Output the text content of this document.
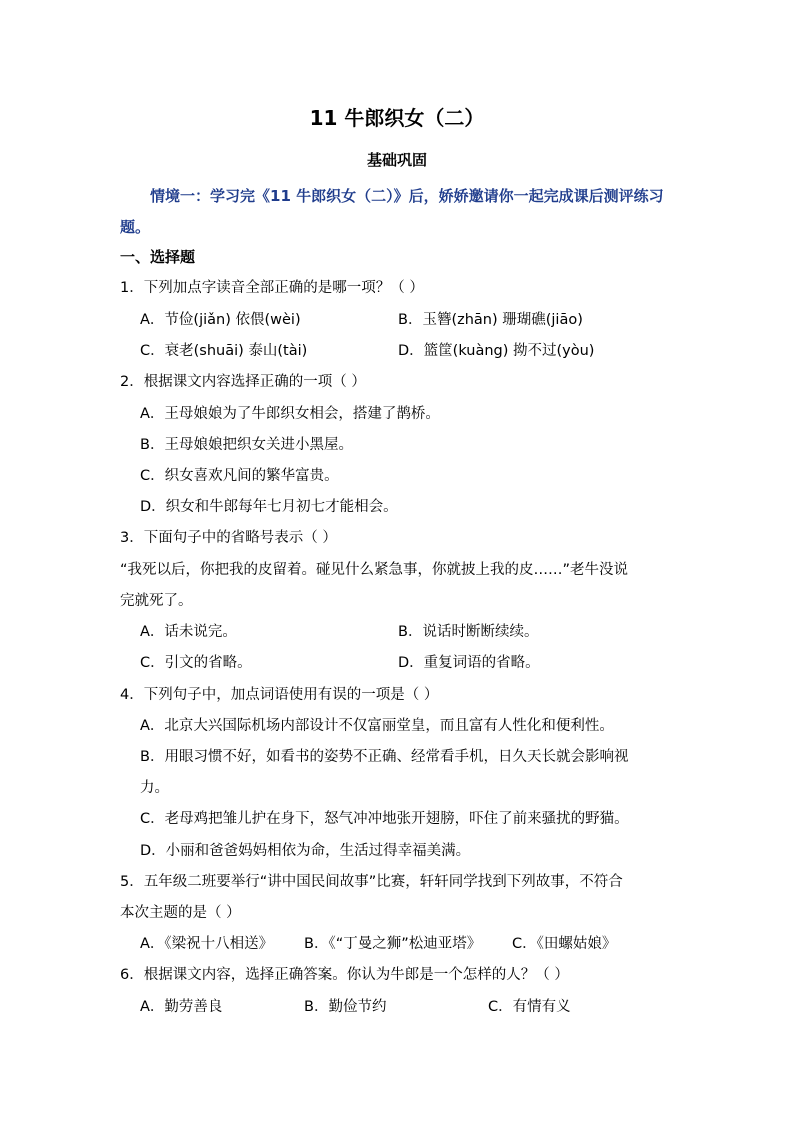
11 牛郎织女（二）
基础巩固
情境一：学习完《11 牛郎织女（二）》后，娇娇邀请你一起完成课后测评练习题。
一、选择题
1．下列加点字读音全部正确的是哪一项？（ ）
A．节俭(jiǎn) 依偎(wèi)	B．玉簪(zhān) 珊瑚礁(jiāo)
C．衰老(shuāi) 泰山(tài)	D．篮筐(kuàng) 拗不过(yòu)
2．根据课文内容选择正确的一项（ ）
A．王母娘娘为了牛郎织女相会，搭建了鹊桥。
B．王母娘娘把织女关进小黑屋。
C．织女喜欢凡间的繁华富贵。
D．织女和牛郎每年七月初七才能相会。
3．下面句子中的省略号表示（ ）
“我死以后，你把我的皮留着。碰见什么紧急事，你就披上我的皮……”老牛没说
完就死了。
A．话未说完。	B．说话时断断续续。
C．引文的省略。	D．重复词语的省略。
4．下列句子中，加点词语使用有误的一项是（ ）
A．北京大兴国际机场内部设计不仅富丽堂皇，而且富有人性化和便利性。
B．用眼习惯不好，如看书的姿势不正确、经常看手机，日久天长就会影响视
力。
C．老母鸡把雏儿护在身下，怒气冲冲地张开翅膀，吓住了前来骚扰的野猫。
D．小丽和爸爸妈妈相依为命，生活过得幸福美满。
5．五年级二班要举行“讲中国民间故事”比赛，轩轩同学找到下列故事，不符合
本次主题的是（ ）
A．《梁祝十八相送》 B．《“丁曼之狮”松迪亚塔》 C．《田螺姑娘》
6．根据课文内容，选择正确答案。你认为牛郎是一个怎样的人？（ ）
A．勤劳善良	B．勤俭节约	C．有情有义
